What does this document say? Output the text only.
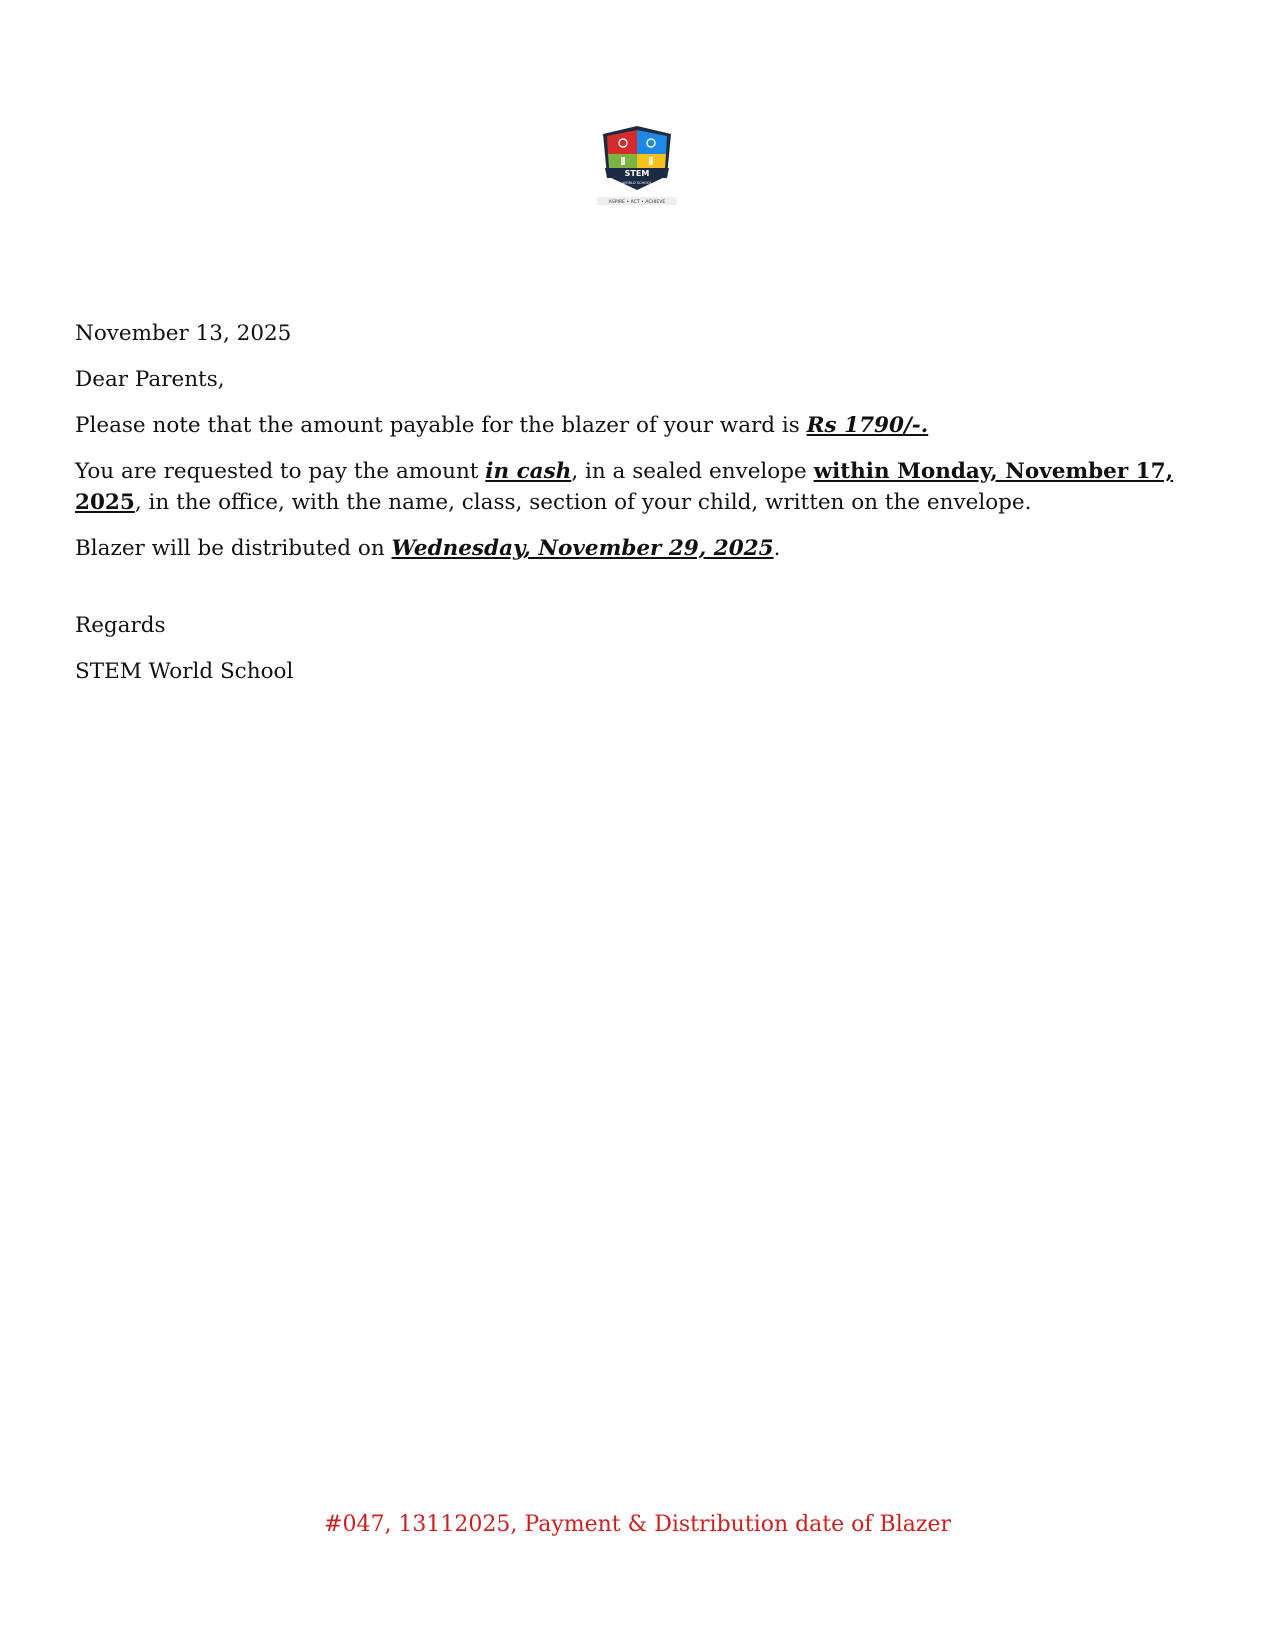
STEM
WORLD SCHOOL
ASPIRE • ACT • ACHIEVE

November 13, 2025

Dear Parents,

Please note that the amount payable for the blazer of your ward is Rs 1790/-.

You are requested to pay the amount in cash, in a sealed envelope within Monday, November 17, 2025, in the office, with the name, class, section of your child, written on the envelope.

Blazer will be distributed on Wednesday, November 29, 2025.

Regards

STEM World School

#047, 13112025, Payment & Distribution date of Blazer
